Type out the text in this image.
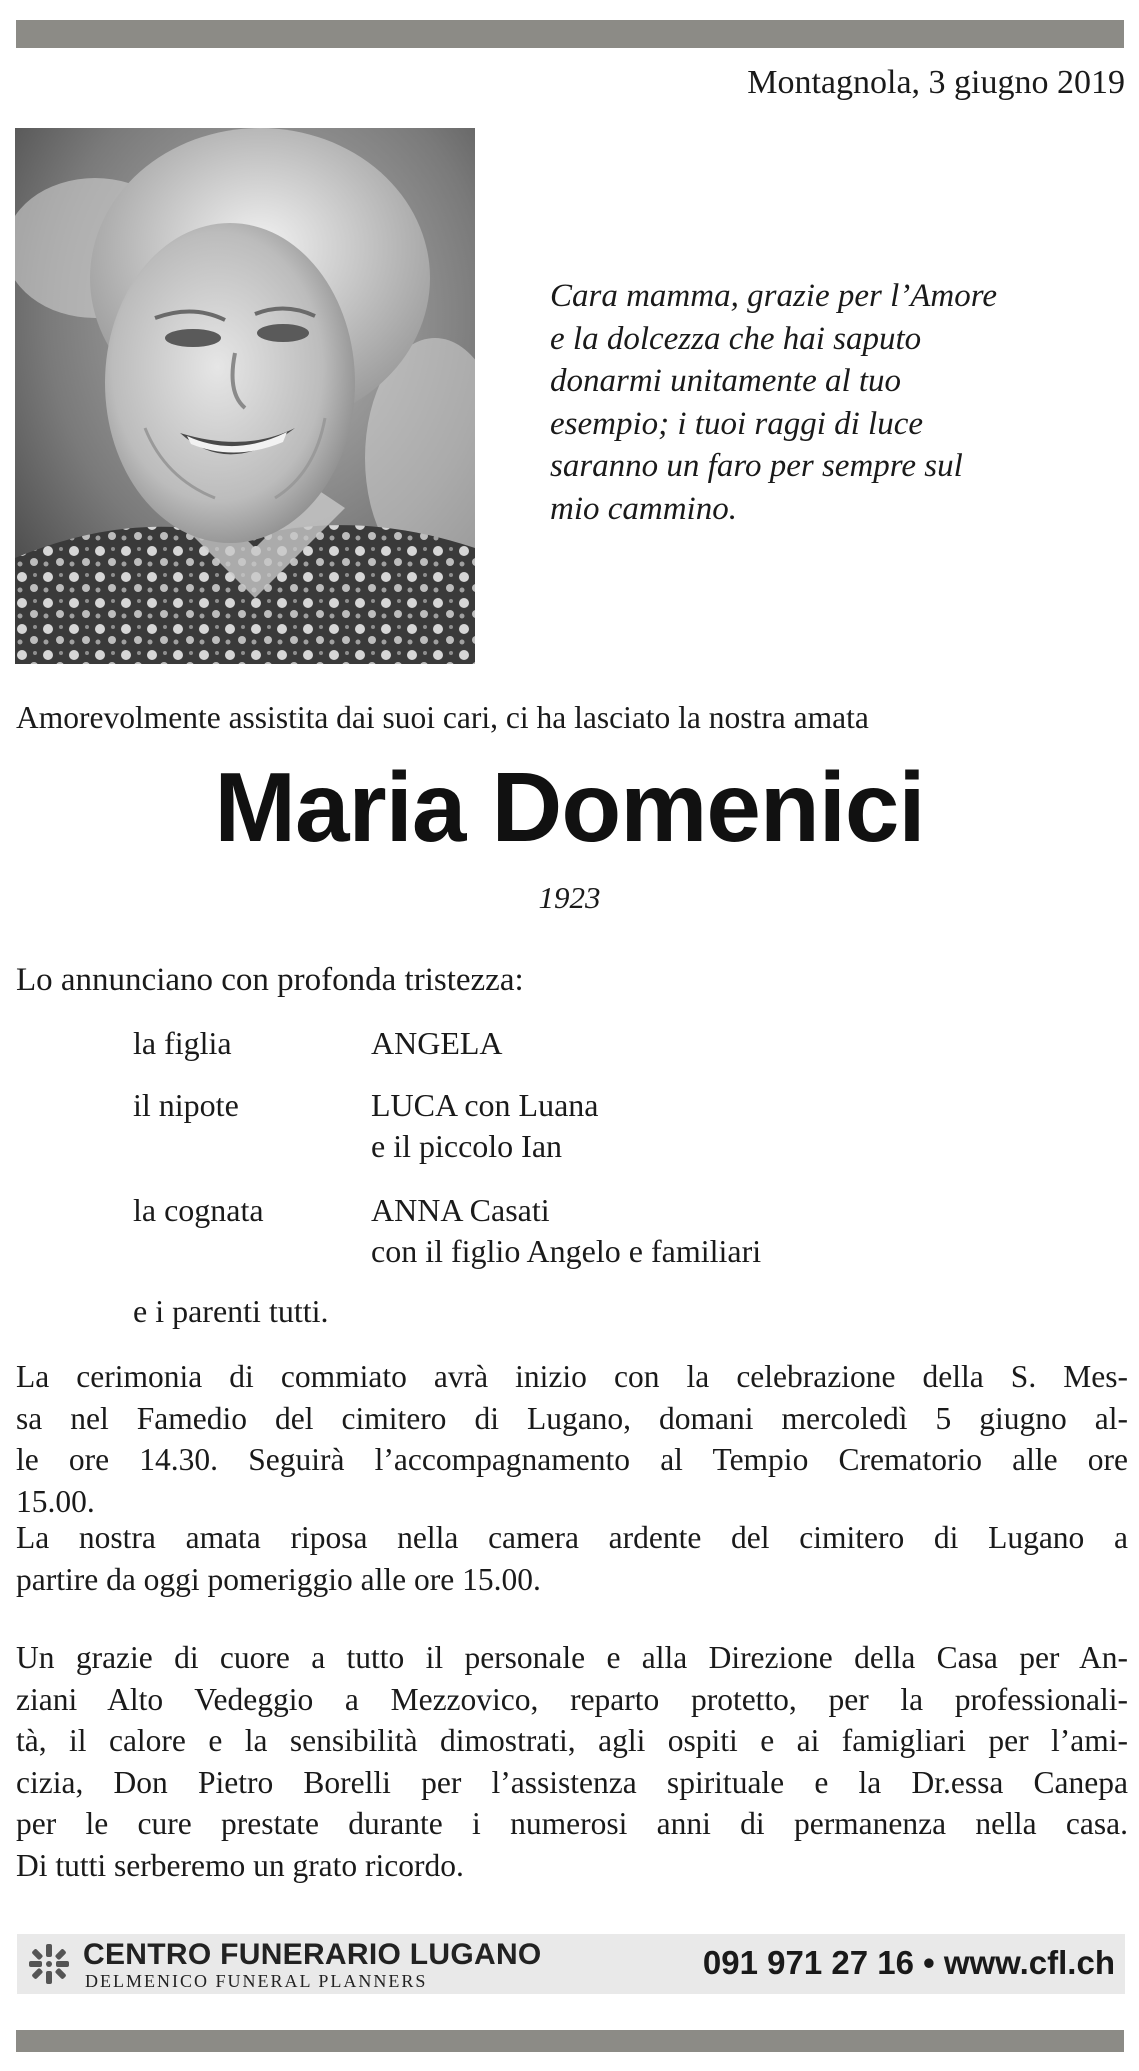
Montagnola, 3 giugno 2019
Cara mamma, grazie per l’Amore
e la dolcezza che hai saputo
donarmi unitamente al tuo
esempio; i tuoi raggi di luce
saranno un faro per sempre sul
mio cammino.
Amorevolmente assistita dai suoi cari, ci ha lasciato la nostra amata
Maria Domenici
1923
Lo annunciano con profonda tristezza:
la figlia	ANGELA
il nipote	LUCA con Luana
e il piccolo Ian
la cognata	ANNA Casati
con il figlio Angelo e familiari
e i parenti tutti.
La cerimonia di commiato avrà inizio con la celebrazione della S. Mes-
sa nel Famedio del cimitero di Lugano, domani mercoledì 5 giugno al-
le ore 14.30. Seguirà l’accompagnamento al Tempio Crematorio alle ore
15.00.
La nostra amata riposa nella camera ardente del cimitero di Lugano a
partire da oggi pomeriggio alle ore 15.00.
Un grazie di cuore a tutto il personale e alla Direzione della Casa per An-
ziani Alto Vedeggio a Mezzovico, reparto protetto, per la professionali-
tà, il calore e la sensibilità dimostrati, agli ospiti e ai famigliari per l’ami-
cizia, Don Pietro Borelli per l’assistenza spirituale e la Dr.essa Canepa
per le cure prestate durante i numerosi anni di permanenza nella casa.
Di tutti serberemo un grato ricordo.
CENTRO FUNERARIO LUGANO
DELMENICO FUNERAL PLANNERS	091 971 27 16 • www.cfl.ch
